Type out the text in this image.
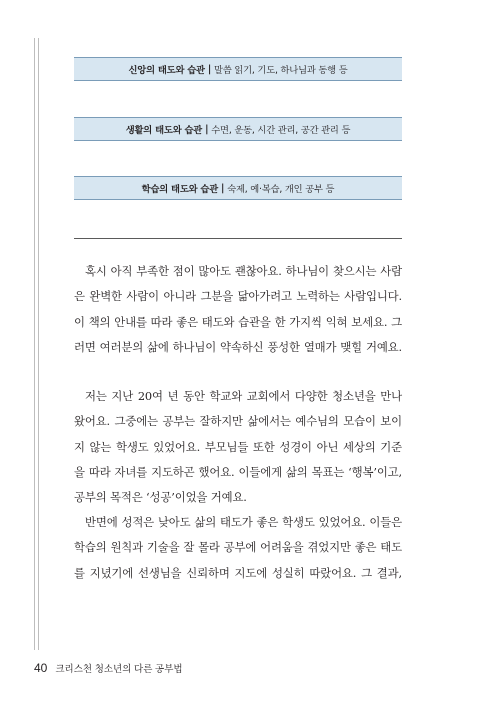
신앙의 태도와 습관 | 말씀 읽기, 기도, 하나님과 동행 등
생활의 태도와 습관 | 수면, 운동, 시간 관리, 공간 관리 등
학습의 태도와 습관 | 숙제, 예·복습, 개인 공부 등
혹시 아직 부족한 점이 많아도 괜찮아요. 하나님이 찾으시는 사람
은 완벽한 사람이 아니라 그분을 닮아가려고 노력하는 사람입니다.
이 책의 안내를 따라 좋은 태도와 습관을 한 가지씩 익혀 보세요. 그
러면 여러분의 삶에 하나님이 약속하신 풍성한 열매가 맺힐 거예요.
저는 지난 20여 년 동안 학교와 교회에서 다양한 청소년을 만나
왔어요. 그중에는 공부는 잘하지만 삶에서는 예수님의 모습이 보이
지 않는 학생도 있었어요. 부모님들 또한 성경이 아닌 세상의 기준
을 따라 자녀를 지도하곤 했어요. 이들에게 삶의 목표는 ‘행복’이고,
공부의 목적은 ‘성공’이었을 거예요.
반면에 성적은 낮아도 삶의 태도가 좋은 학생도 있었어요. 이들은
학습의 원칙과 기술을 잘 몰라 공부에 어려움을 겪었지만 좋은 태도
를 지녔기에 선생님을 신뢰하며 지도에 성실히 따랐어요. 그 결과,
40 크리스천 청소년의 다른 공부법
